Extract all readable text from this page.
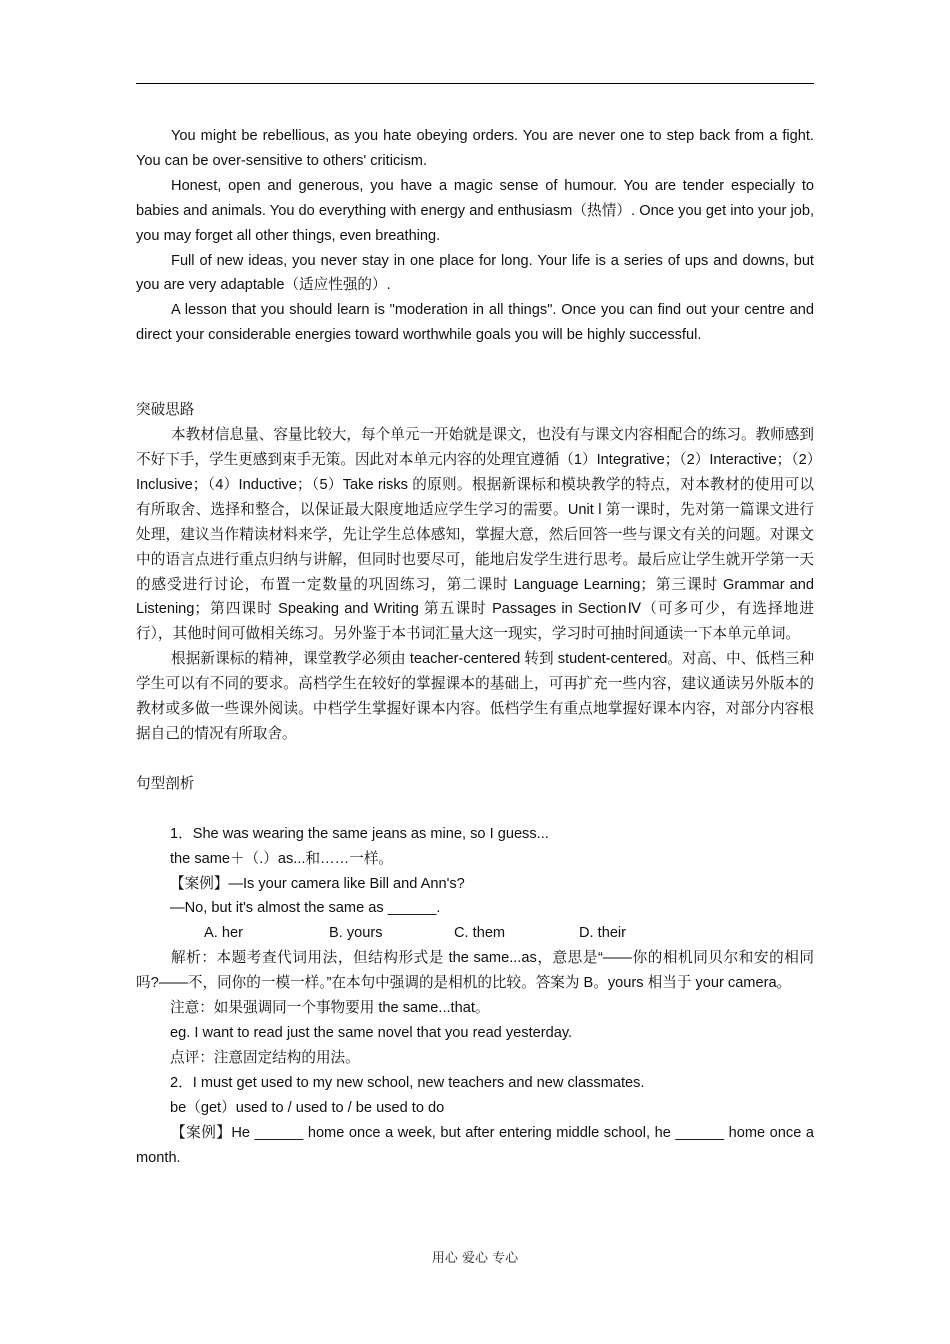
You might be rebellious, as you hate obeying orders. You are never one to step back from a fight. You can be over-sensitive to others' criticism.

Honest, open and generous, you have a magic sense of humour. You are tender especially to babies and animals. You do everything with energy and enthusiasm（热情）. Once you get into your job, you may forget all other things, even breathing.

Full of new ideas, you never stay in one place for long. Your life is a series of ups and downs, but you are very adaptable（适应性强的）.

A lesson that you should learn is "moderation in all things". Once you can find out your centre and direct your considerable energies toward worthwhile goals you will be highly successful.

突破思路

本教材信息量、容量比较大，每个单元一开始就是课文，也没有与课文内容相配合的练习。教师感到不好下手，学生更感到束手无策。因此对本单元内容的处理宜遵循（1）Integrative；（2）Interactive；（2）Inclusive；（4）Inductive；（5）Take risks 的原则。根据新课标和模块教学的特点，对本教材的使用可以有所取舍、选择和整合，以保证最大限度地适应学生学习的需要。Unit l 第一课时，先对第一篇课文进行处理，建议当作精读材料来学，先让学生总体感知，掌握大意，然后回答一些与课文有关的问题。对课文中的语言点进行重点归纳与讲解，但同时也要尽可，能地启发学生进行思考。最后应让学生就开学第一天的感受进行讨论，布置一定数量的巩固练习，第二课时 Language Learning；第三课时 Grammar and Listening；第四课时 Speaking and Writing 第五课时 Passages in SectionⅣ（可多可少，有选择地进行），其他时间可做相关练习。另外鉴于本书词汇量大这一现实，学习时可抽时间通读一下本单元单词。

根据新课标的精神，课堂教学必须由 teacher-centered 转到 student-centered。对高、中、低档三种学生可以有不同的要求。高档学生在较好的掌握课本的基础上，可再扩充一些内容，建议通读另外版本的教材或多做一些课外阅读。中档学生掌握好课本内容。低档学生有重点地掌握好课本内容，对部分内容根据自己的情况有所取舍。

句型剖析

1．She was wearing the same jeans as mine, so I guess...

the same＋（.）as...和……一样。

【案例】—Is your camera like Bill and Ann's?

—No, but it's almost the same as ______.

A. her	B. yours	C. them	D. their

解析：本题考查代词用法，但结构形式是 the same...as，意思是“——你的相机同贝尔和安的相同吗?——不，同你的一模一样。”在本句中强调的是相机的比较。答案为 B。yours 相当于 your camera。

注意：如果强调同一个事物要用 the same...that。

eg. I want to read just the same novel that you read yesterday.

点评：注意固定结构的用法。

2．I must get used to my new school, new teachers and new classmates.

be（get）used to / used to / be used to do

【案例】He ______ home once a week, but after entering middle school, he ______ home once a month.

用心 爱心 专心
